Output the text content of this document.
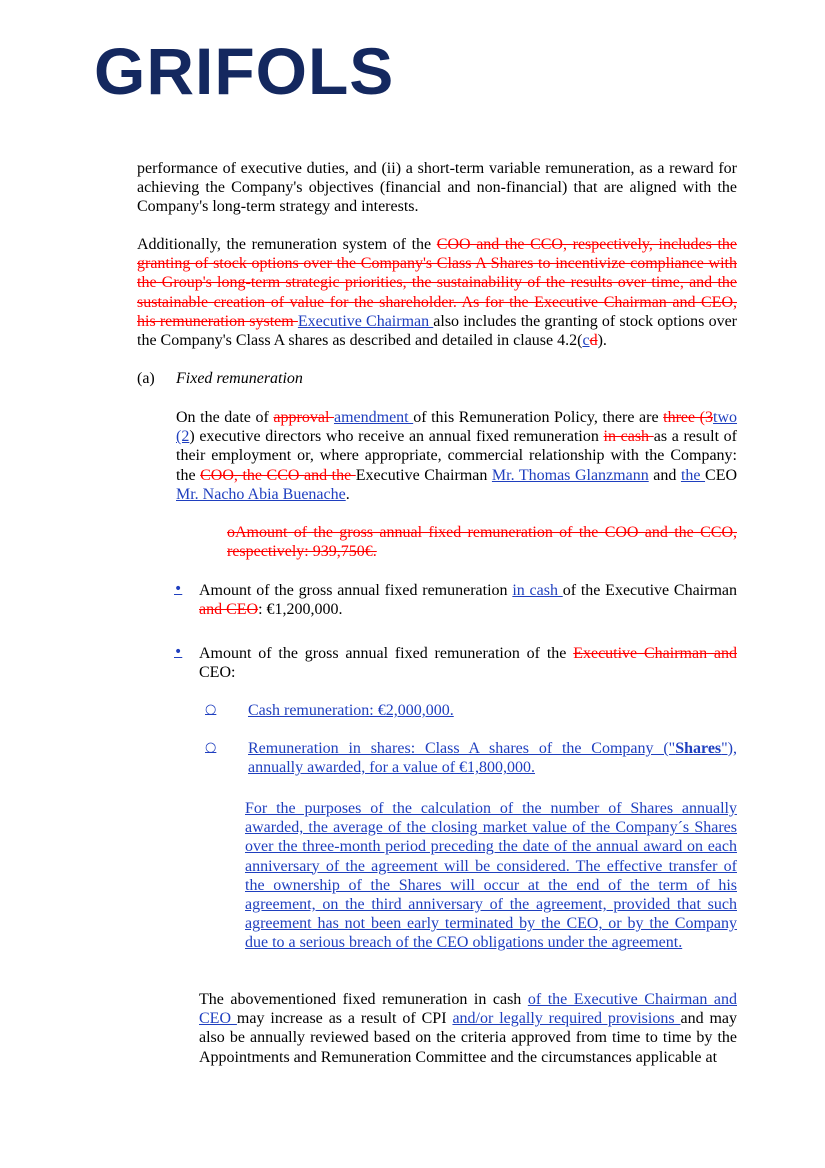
GRIFOLS

performance of executive duties, and (ii) a short-term variable remuneration, as a reward for achieving the Company's objectives (financial and non-financial) that are aligned with the Company's long-term strategy and interests.

Additionally, the remuneration system of the COO and the CCO, respectively, includes the granting of stock options over the Company's Class A Shares to incentivize compliance with the Group's long-term strategic priorities, the sustainability of the results over time, and the sustainable creation of value for the shareholder. As for the Executive Chairman and CEO, his remuneration system Executive Chairman also includes the granting of stock options over the Company's Class A shares as described and detailed in clause 4.2(cd).

(a) Fixed remuneration

On the date of approval amendment of this Remuneration Policy, there are three (3two (2) executive directors who receive an annual fixed remuneration in cash as a result of their employment or, where appropriate, commercial relationship with the Company: the COO, the CCO and the Executive Chairman Mr. Thomas Glanzmann and the CEO Mr. Nacho Abia Buenache.

oAmount of the gross annual fixed remuneration of the COO and the CCO, respectively: 939,750€.

• Amount of the gross annual fixed remuneration in cash of the Executive Chairman and CEO: €1,200,000.

• Amount of the gross annual fixed remuneration of the Executive Chairman and CEO:

○ Cash remuneration: €2,000,000.

○ Remuneration in shares: Class A shares of the Company ("Shares"), annually awarded, for a value of €1,800,000.

For the purposes of the calculation of the number of Shares annually awarded, the average of the closing market value of the Company´s Shares over the three-month period preceding the date of the annual award on each anniversary of the agreement will be considered. The effective transfer of the ownership of the Shares will occur at the end of the term of his agreement, on the third anniversary of the agreement, provided that such agreement has not been early terminated by the CEO, or by the Company due to a serious breach of the CEO obligations under the agreement.

The abovementioned fixed remuneration in cash of the Executive Chairman and CEO may increase as a result of CPI and/or legally required provisions and may also be annually reviewed based on the criteria approved from time to time by the Appointments and Remuneration Committee and the circumstances applicable at
